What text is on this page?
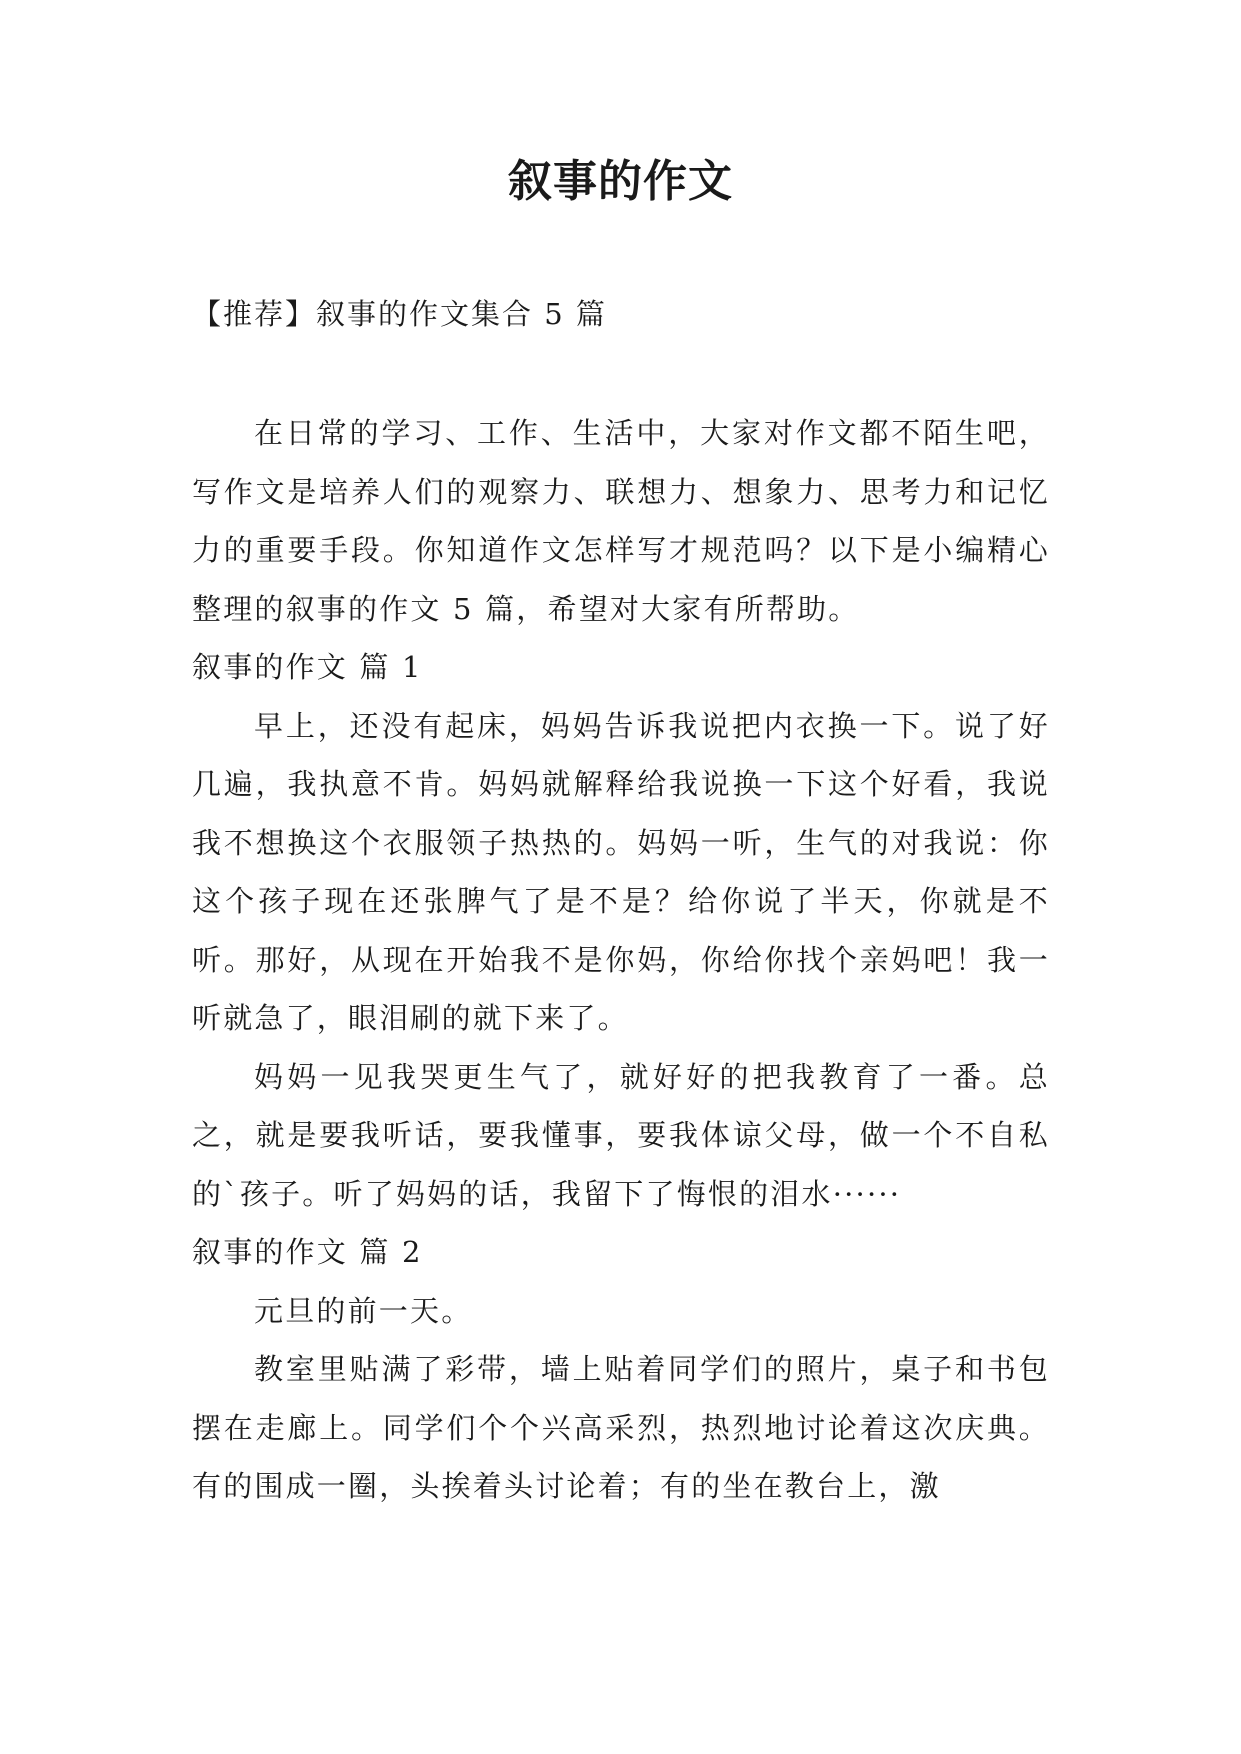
叙事的作文
【推荐】叙事的作文集合 5 篇

在日常的学习、工作、生活中，大家对作文都不陌生吧，写作文是培养人们的观察力、联想力、想象力、思考力和记忆力的重要手段。你知道作文怎样写才规范吗？以下是小编精心整理的叙事的作文 5 篇，希望对大家有所帮助。

叙事的作文 篇 1

早上，还没有起床，妈妈告诉我说把内衣换一下。说了好几遍，我执意不肯。妈妈就解释给我说换一下这个好看，我说我不想换这个衣服领子热热的。妈妈一听，生气的对我说：你这个孩子现在还张脾气了是不是？给你说了半天，你就是不听。那好，从现在开始我不是你妈，你给你找个亲妈吧！我一听就急了，眼泪刷的就下来了。

妈妈一见我哭更生气了，就好好的把我教育了一番。总之，就是要我听话，要我懂事，要我体谅父母，做一个不自私的`孩子。听了妈妈的话，我留下了悔恨的泪水······

叙事的作文 篇 2

元旦的前一天。

教室里贴满了彩带，墙上贴着同学们的照片，桌子和书包摆在走廊上。同学们个个兴高采烈，热烈地讨论着这次庆典。有的围成一圈，头挨着头讨论着；有的坐在教台上，激
